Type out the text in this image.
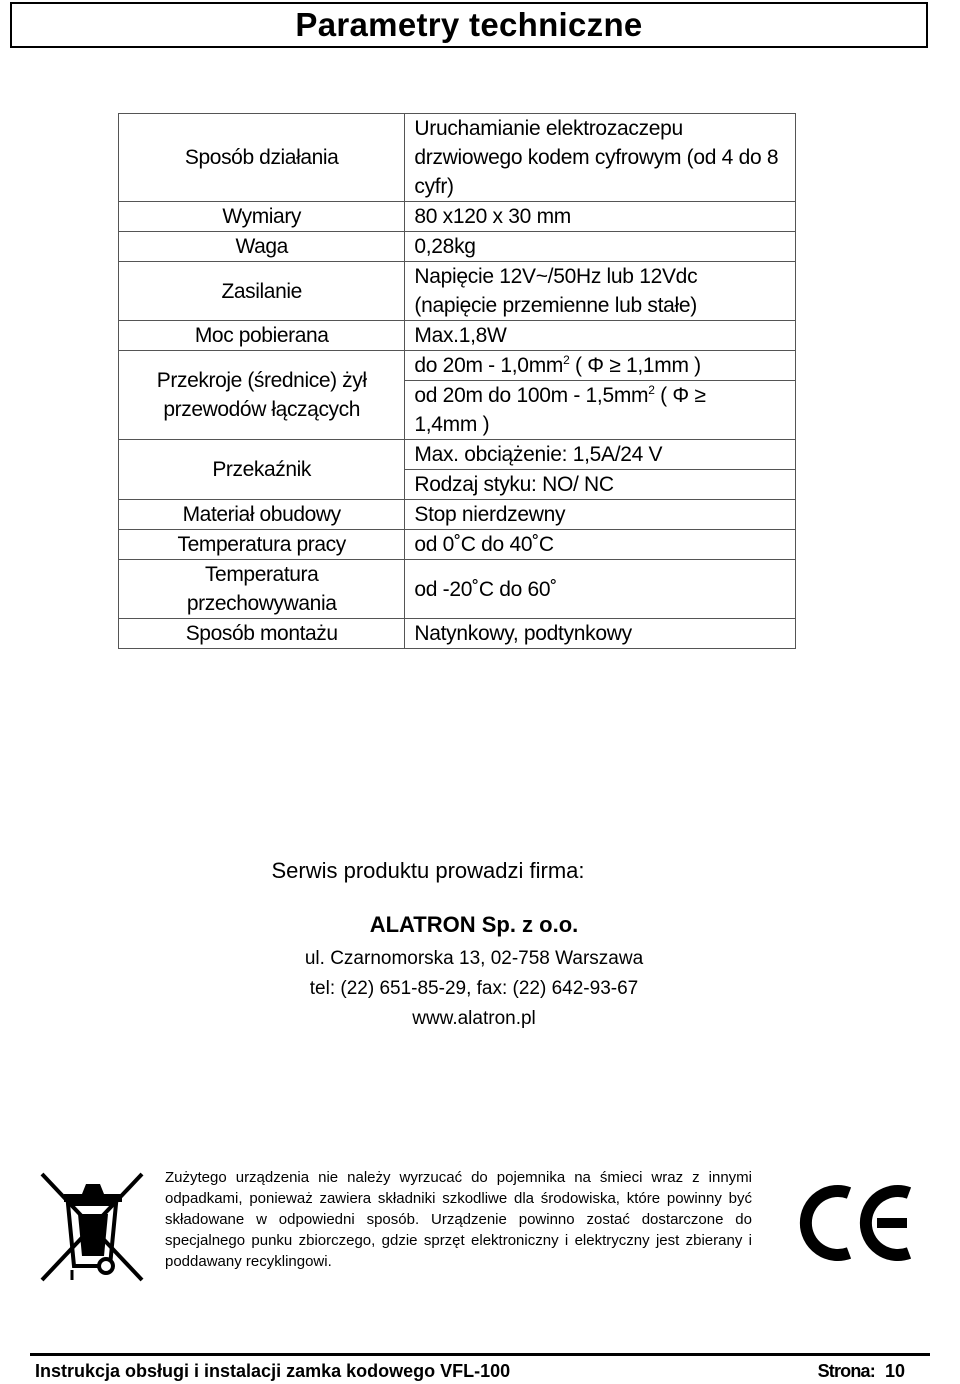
Parametry techniczne
Sposób działania	Uruchamianie elektrozaczepu
drzwiowego kodem cyfrowym (od 4 do 8
cyfr)

Wymiary	80 x120 x 30 mm

Waga	0,28kg

Zasilanie	Napięcie 12V~/50Hz lub 12Vdc
(napięcie przemienne lub stałe)

Moc pobierana	Max.1,8W

Przekroje (średnice) żył
przewodów łączących	do $20m - 1,0mm^2$ ( Φ ≥ 1,1mm )

	od 20m do $100m - 1,5mm^2$ ( Φ ≥
1,4mm )

Przekaźnik	Max. obciążenie: 1,5A/24 V

	Rodzaj styku: NO/ NC

Materiał obudowy	Stop nierdzewny

Temperatura pracy	od 0˚C do 40˚C

Temperatura
przechowywania	od -20˚C do 60˚

Sposób montażu	Natynkowy, podtynkowy
Serwis produktu prowadzi firma:
ALATRON Sp. z o.o.
ul. Czarnomorska 13, 02-758 Warszawa
tel: (22) 651-85-29, fax: (22) 642-93-67
www.alatron.pl
Zużytego urządzenia nie należy wyrzucać do pojemnika na śmieci wraz z innymi odpadkami, ponieważ zawiera składniki szkodliwe dla środowiska, które powinny być składowane w odpowiedni sposób. Urządzenie powinno zostać dostarczone do specjalnego punku zbiorczego, gdzie sprzęt elektroniczny i elektryczny jest zbierany i poddawany recyklingowi.
Instrukcja obsługi i instalacji zamka kodowego VFL-100	Strona: 10
